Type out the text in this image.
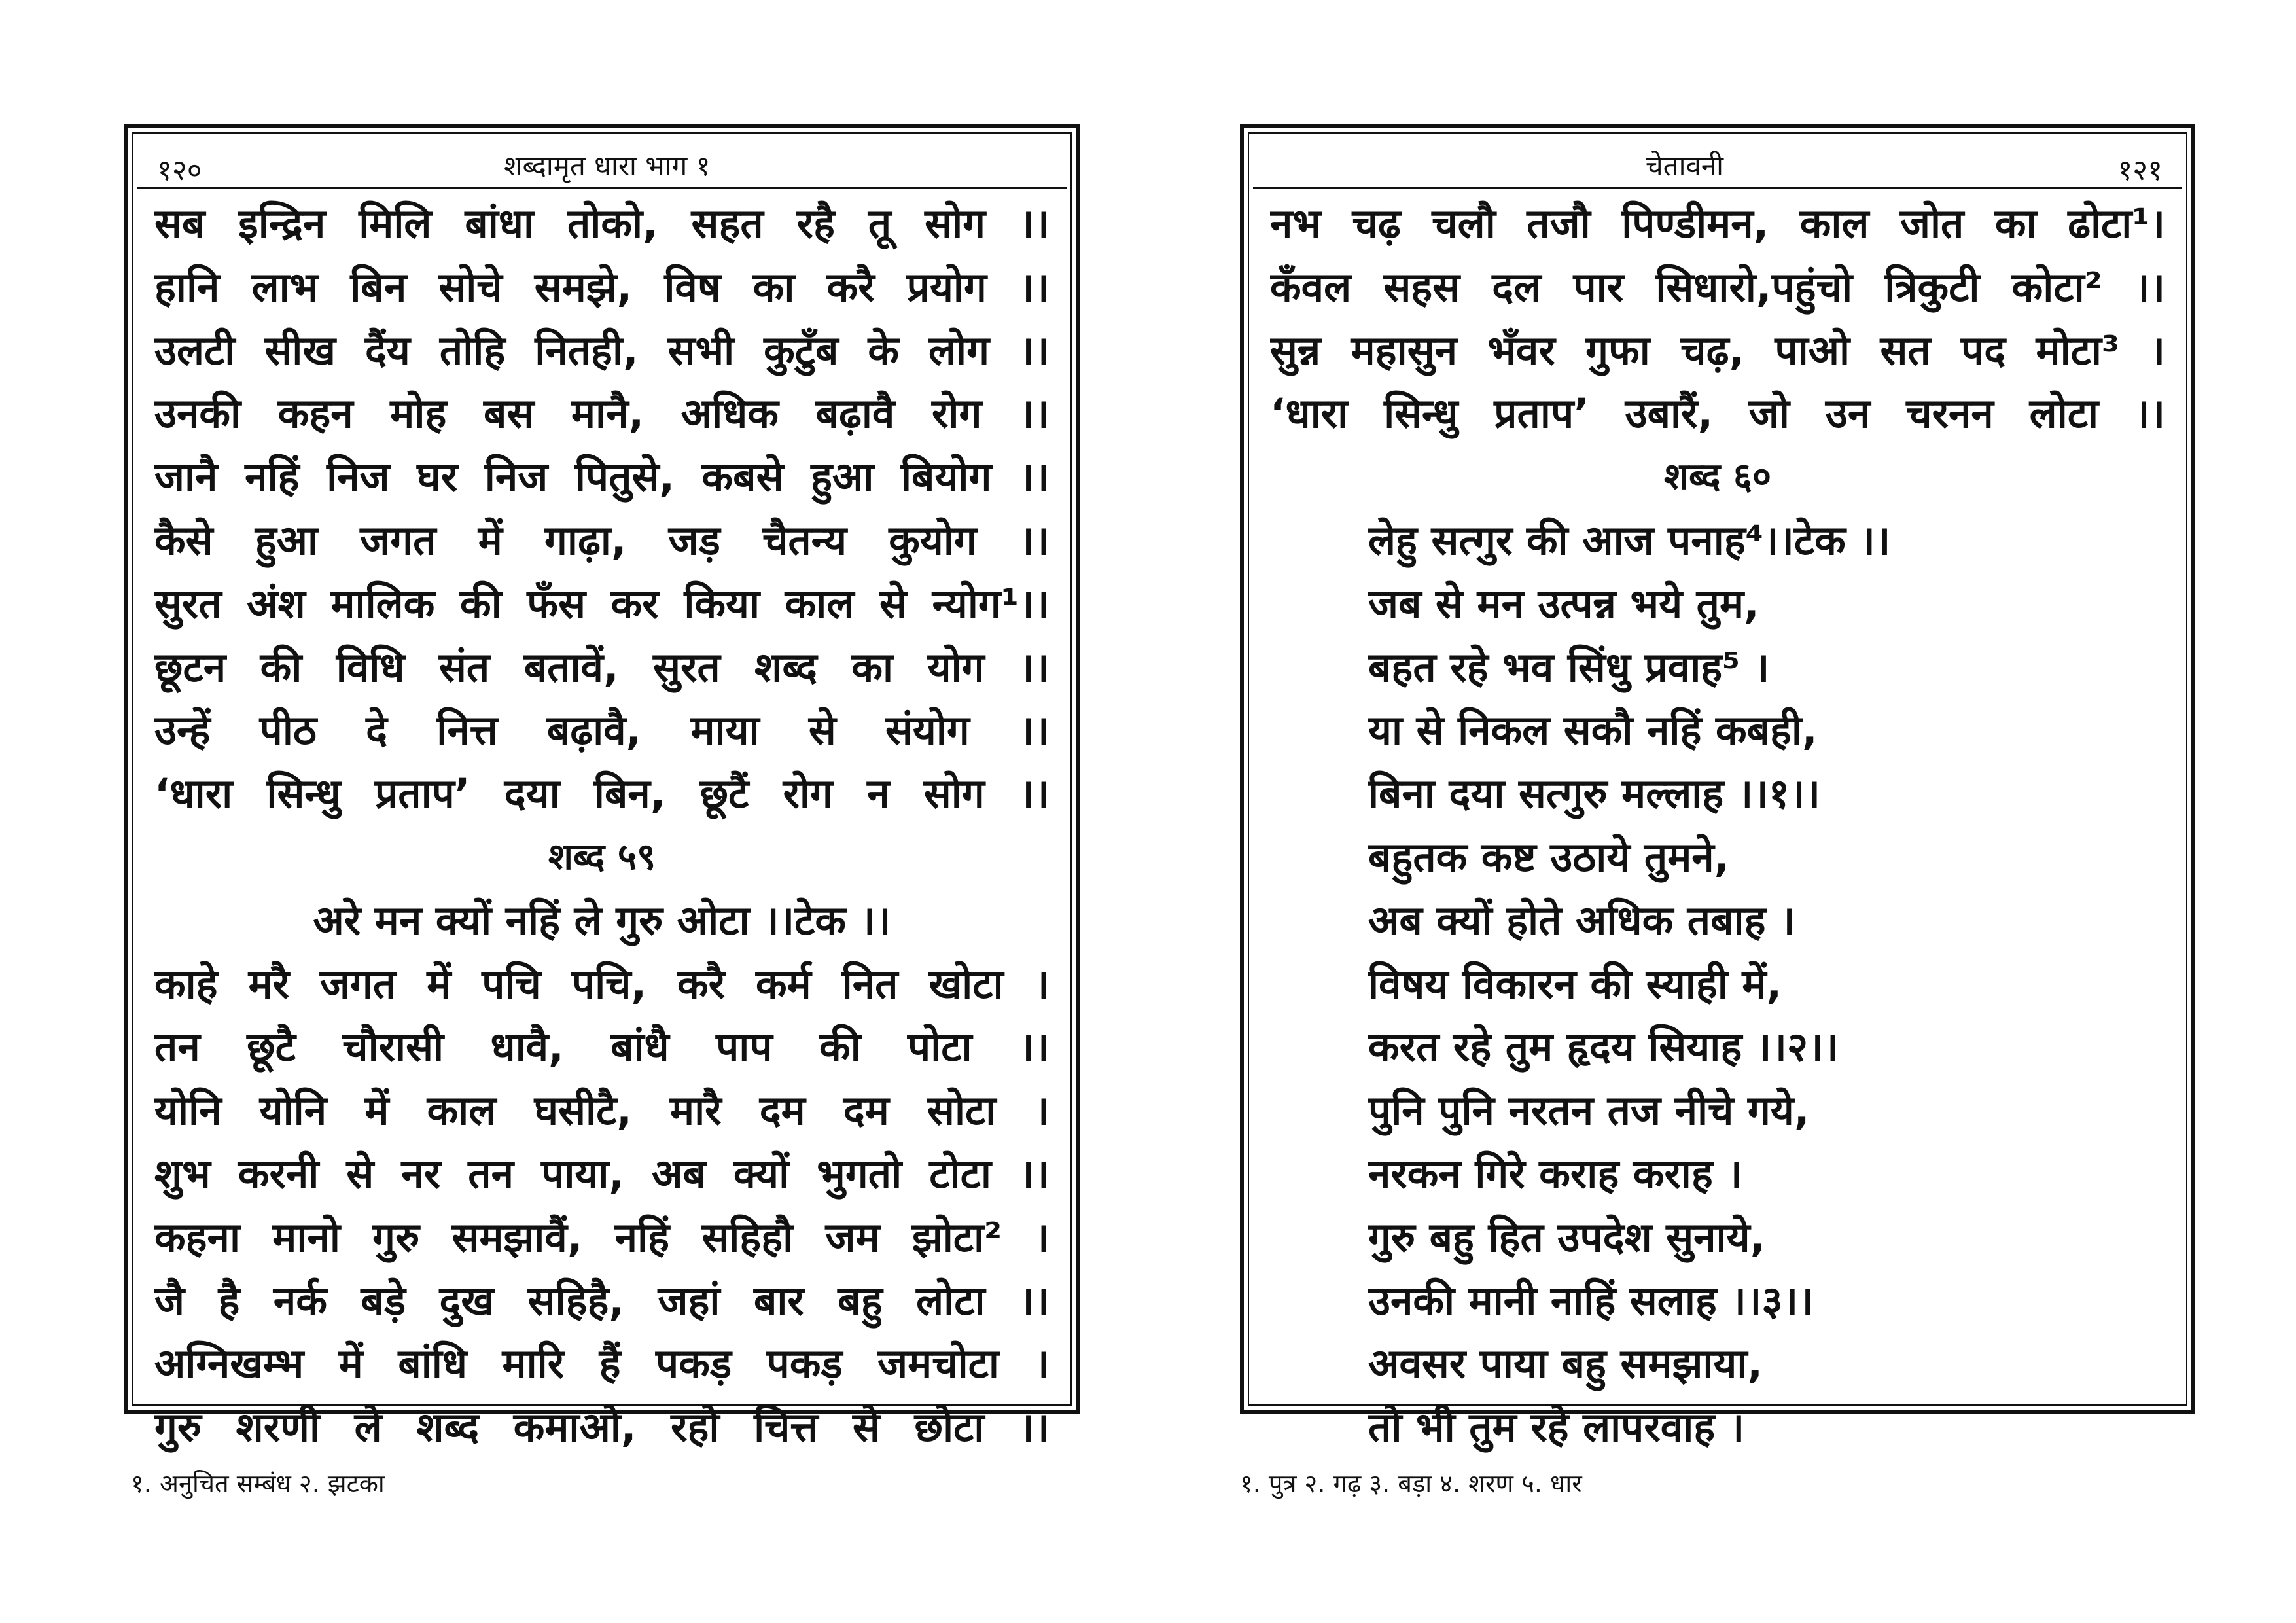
१२०	शब्दामृत धारा भाग १
सब इन्द्रिन मिलि बांधा तोको, सहत रहै तू सोग ।।
हानि लाभ बिन सोचे समझे, विष का करै प्रयोग ।।
उलटी सीख दैंय तोहि नितही, सभी कुटुँब के लोग ।।
उनकी कहन मोह बस मानै, अधिक बढ़ावै रोग ।।
जानै नहिं निज घर निज पितुसे, कबसे हुआ बियोग ।।
कैसे हुआ जगत में गाढ़ा, जड़ चैतन्य कुयोग ।।
सुरत अंश मालिक की फँस कर किया काल से न्योग¹।।
छूटन की विधि संत बतावें, सुरत शब्द का योग ।।
उन्हें पीठ दे नित्त बढ़ावै, माया से संयोग ।।
‘धारा सिन्धु प्रताप’ दया बिन, छूटैं रोग न सोग ।।
शब्द ५९
अरे मन क्यों नहिं ले गुरु ओटा ।।टेक ।।
काहे मरै जगत में पचि पचि, करै कर्म नित खोटा ।
तन छूटै चौरासी धावै, बांधै पाप की पोटा ।।
योनि योनि में काल घसीटै, मारै दम दम सोटा ।
शुभ करनी से नर तन पाया, अब क्यों भुगतो टोटा ।।
कहना मानो गुरु समझावैं, नहिं सहिहौ जम झोटा² ।
जै है नर्क बड़े दुख सहिहै, जहां बार बहु लोटा ।।
अग्निखम्भ में बांधि मारि हैं पकड़ पकड़ जमचोटा ।
गुरु शरणी ले शब्द कमाओ, रहो चित्त से छोटा ।।
१. अनुचित सम्बंध २. झटका
चेतावनी	१२१
नभ चढ़ चलौ तजौ पिण्डीमन, काल जोत का ढोटा¹।
कँवल सहस दल पार सिधारो,पहुंचो त्रिकुटी कोटा² ।।
सुन्न महासुन भँवर गुफा चढ़, पाओ सत पद मोटा³ ।
‘धारा सिन्धु प्रताप’ उबारैं, जो उन चरनन लोटा ।।
शब्द ६०
लेहु सत्गुर की आज पनाह⁴।।टेक ।।
जब से मन उत्पन्न भये तुम,
बहत रहे भव सिंधु प्रवाह⁵ ।
या से निकल सकौ नहिं कबही,
बिना दया सत्गुरु मल्लाह ।।१।।
बहुतक कष्ट उठाये तुमने,
अब क्यों होते अधिक तबाह ।
विषय विकारन की स्याही में,
करत रहे तुम हृदय सियाह ।।२।।
पुनि पुनि नरतन तज नीचे गये,
नरकन गिरे कराह कराह ।
गुरु बहु हित उपदेश सुनाये,
उनकी मानी नाहिं सलाह ।।३।।
अवसर पाया बहु समझाया,
तो भी तुम रहे लापरवाह ।
१. पुत्र २. गढ़ ३. बड़ा ४. शरण ५. धार
